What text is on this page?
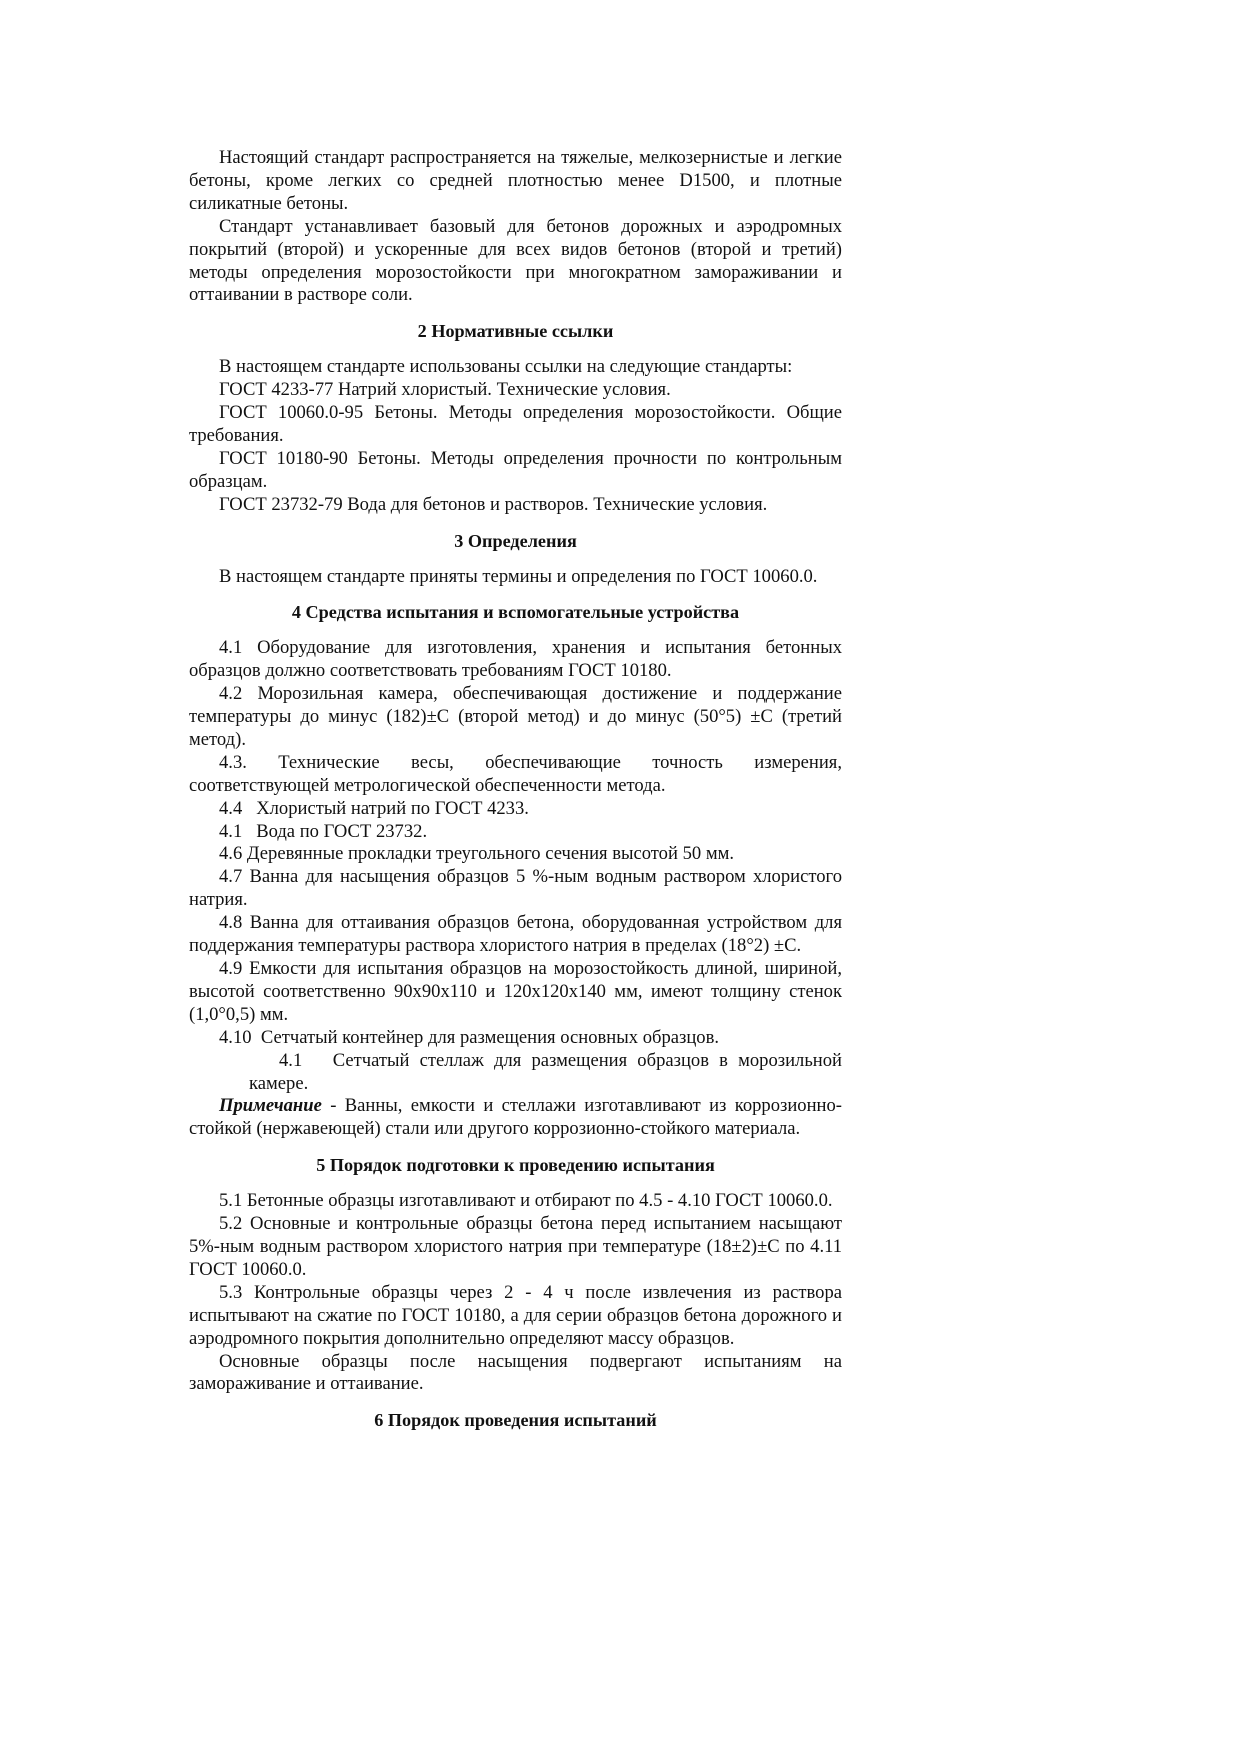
Настоящий стандарт распространяется на тяжелые, мелкозернистые и легкие бетоны, кроме легких со средней плотностью менее D1500, и плотные силикатные бетоны.

Стандарт устанавливает базовый для бетонов дорожных и аэродромных покрытий (второй) и ускоренные для всех видов бетонов (второй и третий) методы определения морозостойкости при многократном замораживании и оттаивании в растворе соли.

2 Нормативные ссылки

В настоящем стандарте использованы ссылки на следующие стандарты:

ГОСТ 4233-77 Натрий хлористый. Технические условия.

ГОСТ 10060.0-95 Бетоны. Методы определения морозостойкости. Общие требования.

ГОСТ 10180-90 Бетоны. Методы определения прочности по контрольным образцам.

ГОСТ 23732-79 Вода для бетонов и растворов. Технические условия.

3 Определения

В настоящем стандарте приняты термины и определения по ГОСТ 10060.0.

4 Средства испытания и вспомогательные устройства

4.1 Оборудование для изготовления, хранения и испытания бетонных образцов должно соответствовать требованиям ГОСТ 10180.

4.2 Морозильная камера, обеспечивающая достижение и поддержание температуры до минус (182)±С (второй метод) и до минус (50°5) ±С (третий метод).

4.3. Технические весы, обеспечивающие точность измерения, соответствующей метрологической обеспеченности метода.

4.4   Хлористый натрий по ГОСТ 4233.

4.1   Вода по ГОСТ 23732.

4.6 Деревянные прокладки треугольного сечения высотой 50 мм.

4.7 Ванна для насыщения образцов 5 %-ным водным раствором хлористого натрия.

4.8 Ванна для оттаивания образцов бетона, оборудованная устройством для поддержания температуры раствора хлористого натрия в пределах (18°2) ±С.

4.9 Емкости для испытания образцов на морозостойкость длиной, шириной, высотой соответственно 90х90х110 и 120х120х140 мм, имеют толщину стенок (1,0°0,5) мм.

4.10  Сетчатый контейнер для размещения основных образцов.

4.1   Сетчатый стеллаж для размещения образцов в морозильной камере.

Примечание - Ванны, емкости и стеллажи изготавливают из коррозионно-стойкой (нержавеющей) стали или другого коррозионно-стойкого материала.

5 Порядок подготовки к проведению испытания

5.1 Бетонные образцы изготавливают и отбирают по 4.5 - 4.10 ГОСТ 10060.0.

5.2 Основные и контрольные образцы бетона перед испытанием насыщают 5%-ным водным раствором хлористого натрия при температуре (18±2)±С по 4.11 ГОСТ 10060.0.

5.3 Контрольные образцы через 2 - 4 ч после извлечения из раствора испытывают на сжатие по ГОСТ 10180, а для серии образцов бетона дорожного и аэродромного покрытия дополнительно определяют массу образцов.

Основные образцы после насыщения подвергают испытаниям на замораживание и оттаивание.

6 Порядок проведения испытаний
